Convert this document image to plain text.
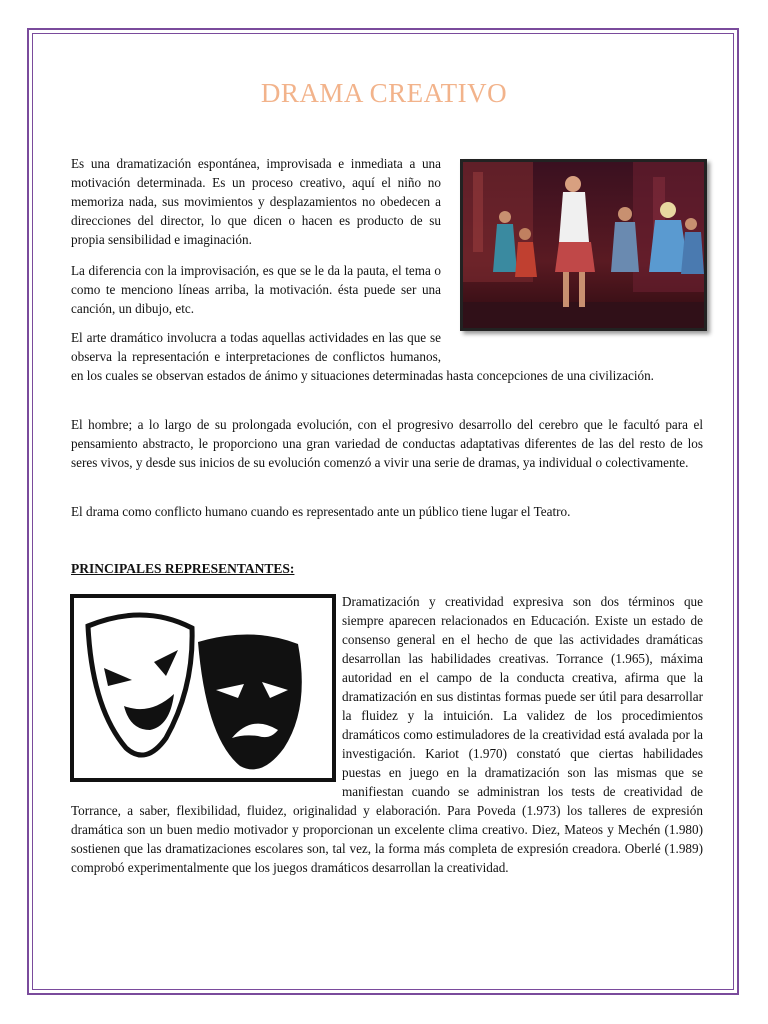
DRAMA CREATIVO

Es una dramatización espontánea, improvisada e inmediata a una motivación determinada. Es un proceso creativo, aquí el niño no memoriza nada, sus movimientos y desplazamientos no obedecen a direcciones del director, lo que dicen o hacen es producto de su propia sensibilidad e imaginación.

La diferencia con la improvisación, es que se le da la pauta, el tema o como te menciono líneas arriba, la motivación. ésta puede ser una canción, un dibujo, etc.

El arte dramático involucra a todas aquellas actividades en las que se observa la representación e interpretaciones de conflictos humanos, en los cuales se observan estados de ánimo y situaciones determinadas hasta concepciones de una civilización.

El hombre; a lo largo de su prolongada evolución, con el progresivo desarrollo del cerebro que le facultó para el pensamiento abstracto, le proporciono una gran variedad de conductas adaptativas diferentes de las del resto de los seres vivos, y desde sus inicios de su evolución comenzó a vivir una serie de dramas, ya individual o colectivamente.

El drama como conflicto humano cuando es representado ante un público tiene lugar el Teatro.

PRINCIPALES REPRESENTANTES:

Dramatización y creatividad expresiva son dos términos que siempre aparecen relacionados en Educación. Existe un estado de consenso general en el hecho de que las actividades dramáticas desarrollan las habilidades creativas. Torrance (1.965), máxima autoridad en el campo de la conducta creativa, afirma que la dramatización en sus distintas formas puede ser útil para desarrollar la fluidez y la intuición. La validez de los procedimientos dramáticos como estimuladores de la creatividad está avalada por la investigación. Kariot (1.970) constató que ciertas habilidades puestas en juego en la dramatización son las mismas que se manifiestan cuando se administran los tests de creatividad de Torrance, a saber, flexibilidad, fluidez, originalidad y elaboración. Para Poveda (1.973) los talleres de expresión dramática son un buen medio motivador y proporcionan un excelente clima creativo. Diez, Mateos y Mechén (1.980) sostienen que las dramatizaciones escolares son, tal vez, la forma más completa de expresión creadora. Oberlé (1.989) comprobó experimentalmente que los juegos dramáticos desarrollan la creatividad.
